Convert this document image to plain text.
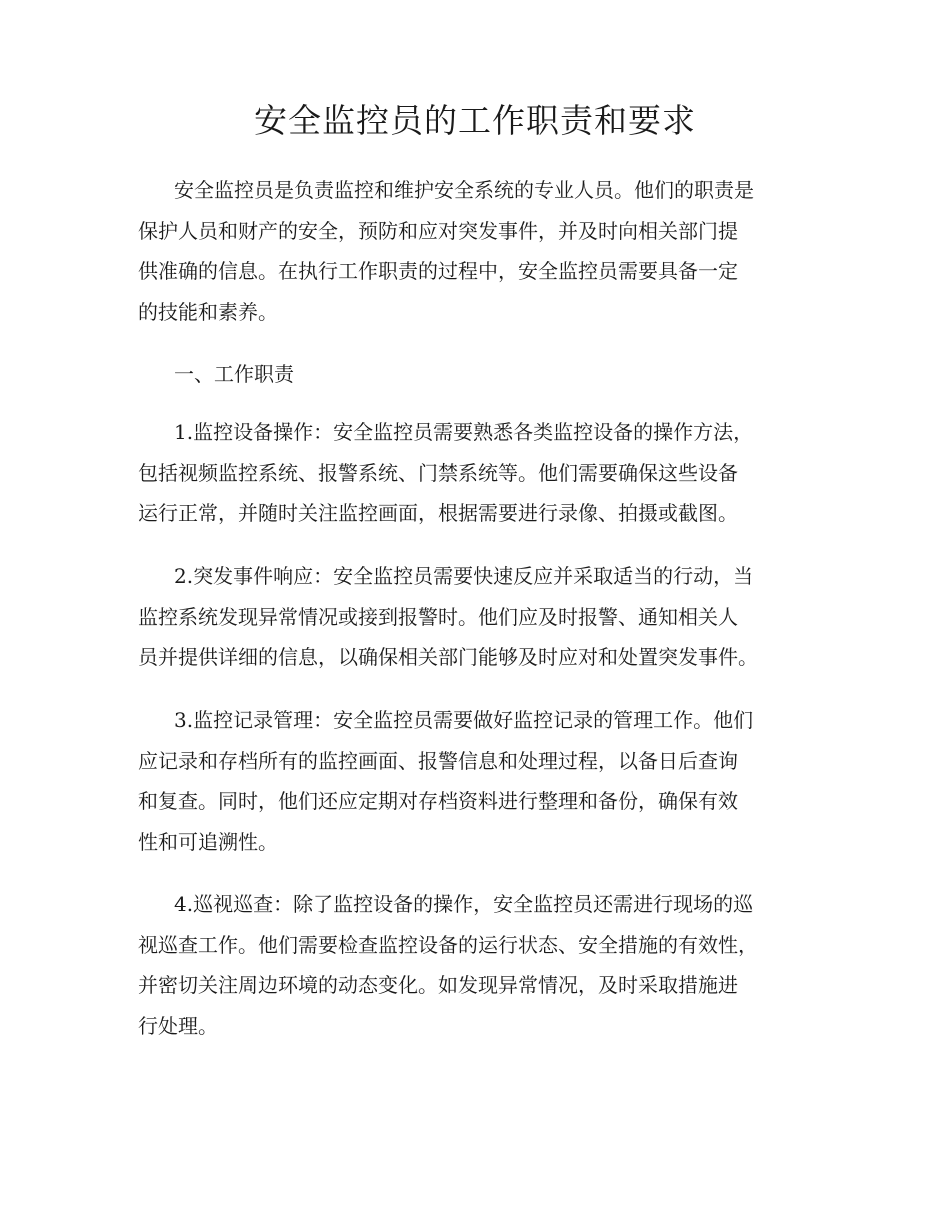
安全监控员的工作职责和要求

安全监控员是负责监控和维护安全系统的专业人员。他们的职责是
保护人员和财产的安全，预防和应对突发事件，并及时向相关部门提
供准确的信息。在执行工作职责的过程中，安全监控员需要具备一定
的技能和素养。

一、工作职责

1.监控设备操作：安全监控员需要熟悉各类监控设备的操作方法，
包括视频监控系统、报警系统、门禁系统等。他们需要确保这些设备
运行正常，并随时关注监控画面，根据需要进行录像、拍摄或截图。

2.突发事件响应：安全监控员需要快速反应并采取适当的行动，当
监控系统发现异常情况或接到报警时。他们应及时报警、通知相关人
员并提供详细的信息，以确保相关部门能够及时应对和处置突发事件。

3.监控记录管理：安全监控员需要做好监控记录的管理工作。他们
应记录和存档所有的监控画面、报警信息和处理过程，以备日后查询
和复查。同时，他们还应定期对存档资料进行整理和备份，确保有效
性和可追溯性。

4.巡视巡查：除了监控设备的操作，安全监控员还需进行现场的巡
视巡查工作。他们需要检查监控设备的运行状态、安全措施的有效性，
并密切关注周边环境的动态变化。如发现异常情况，及时采取措施进
行处理。
